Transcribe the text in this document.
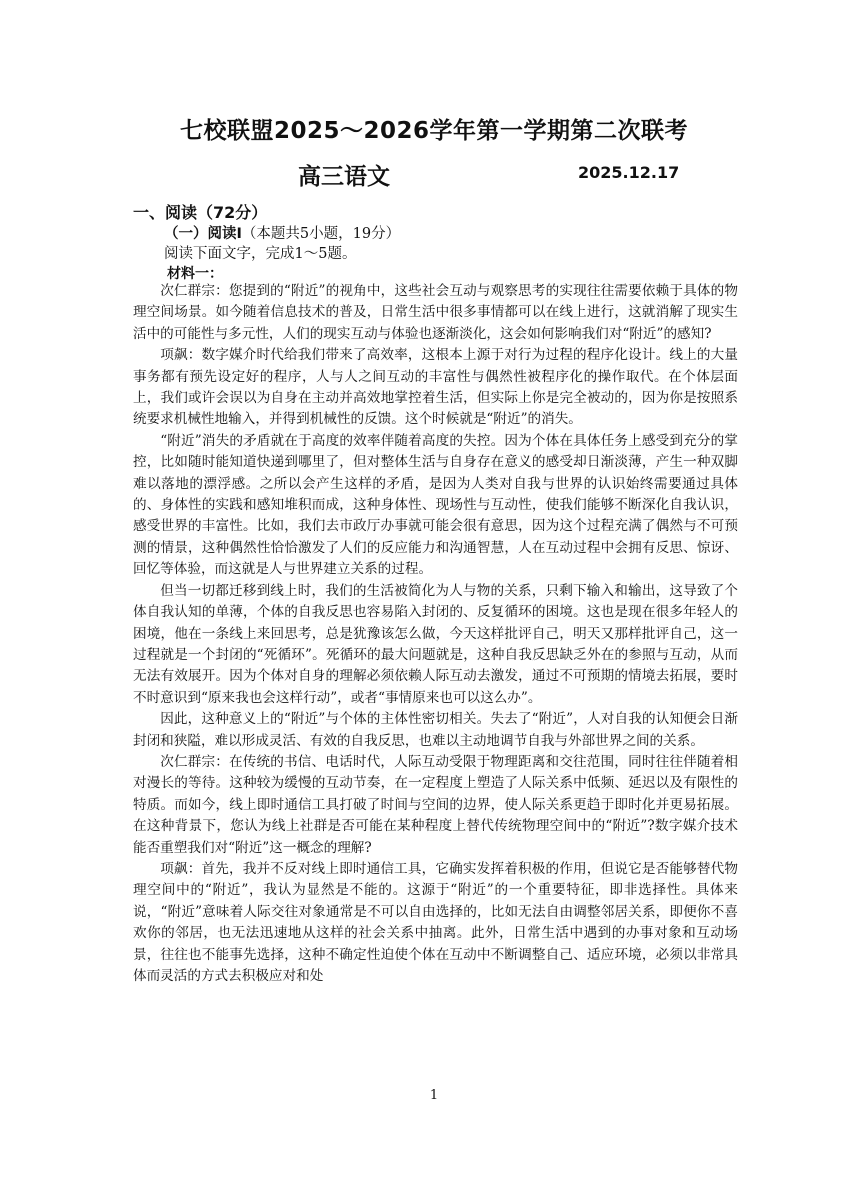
七校联盟2025～2026学年第一学期第二次联考
高三语文	2025.12.17
一、阅读（72分）
（一）阅读Ⅰ（本题共5小题，19分）
阅读下面文字，完成1～5题。
材料一：

次仁群宗：您提到的“附近”的视角中，这些社会互动与观察思考的实现往往需要依赖于具体的物理空间场景。如今随着信息技术的普及，日常生活中很多事情都可以在线上进行，这就消解了现实生活中的可能性与多元性，人们的现实互动与体验也逐渐淡化，这会如何影响我们对“附近”的感知?

项飙：数字媒介时代给我们带来了高效率，这根本上源于对行为过程的程序化设计。线上的大量事务都有预先设定好的程序，人与人之间互动的丰富性与偶然性被程序化的操作取代。在个体层面上，我们或许会误以为自身在主动并高效地掌控着生活，但实际上你是完全被动的，因为你是按照系统要求机械性地输入，并得到机械性的反馈。这个时候就是“附近”的消失。

“附近”消失的矛盾就在于高度的效率伴随着高度的失控。因为个体在具体任务上感受到充分的掌控，比如随时能知道快递到哪里了，但对整体生活与自身存在意义的感受却日渐淡薄，产生一种双脚难以落地的漂浮感。之所以会产生这样的矛盾，是因为人类对自我与世界的认识始终需要通过具体的、身体性的实践和感知堆积而成，这种身体性、现场性与互动性，使我们能够不断深化自我认识，感受世界的丰富性。比如，我们去市政厅办事就可能会很有意思，因为这个过程充满了偶然与不可预测的情景，这种偶然性恰恰激发了人们的反应能力和沟通智慧，人在互动过程中会拥有反思、惊讶、回忆等体验，而这就是人与世界建立关系的过程。

但当一切都迁移到线上时，我们的生活被简化为人与物的关系，只剩下输入和输出，这导致了个体自我认知的单薄，个体的自我反思也容易陷入封闭的、反复循环的困境。这也是现在很多年轻人的困境，他在一条线上来回思考，总是犹豫该怎么做，今天这样批评自己，明天又那样批评自己，这一过程就是一个封闭的“死循环”。死循环的最大问题就是，这种自我反思缺乏外在的参照与互动，从而无法有效展开。因为个体对自身的理解必须依赖人际互动去激发，通过不可预期的情境去拓展，要时不时意识到“原来我也会这样行动”，或者“事情原来也可以这么办”。

因此，这种意义上的“附近”与个体的主体性密切相关。失去了“附近”，人对自我的认知便会日渐封闭和狭隘，难以形成灵活、有效的自我反思，也难以主动地调节自我与外部世界之间的关系。

次仁群宗：在传统的书信、电话时代，人际互动受限于物理距离和交往范围，同时往往伴随着相对漫长的等待。这种较为缓慢的互动节奏，在一定程度上塑造了人际关系中低频、延迟以及有限性的特质。而如今，线上即时通信工具打破了时间与空间的边界，使人际关系更趋于即时化并更易拓展。在这种背景下，您认为线上社群是否可能在某种程度上替代传统物理空间中的“附近”?数字媒介技术能否重塑我们对“附近”这一概念的理解?

项飙：首先，我并不反对线上即时通信工具，它确实发挥着积极的作用，但说它是否能够替代物理空间中的“附近”，我认为显然是不能的。这源于“附近”的一个重要特征，即非选择性。具体来说，“附近”意味着人际交往对象通常是不可以自由选择的，比如无法自由调整邻居关系，即便你不喜欢你的邻居，也无法迅速地从这样的社会关系中抽离。此外，日常生活中遇到的办事对象和互动场景，往往也不能事先选择，这种不确定性迫使个体在互动中不断调整自己、适应环境，必须以非常具体而灵活的方式去积极应对和处

1
